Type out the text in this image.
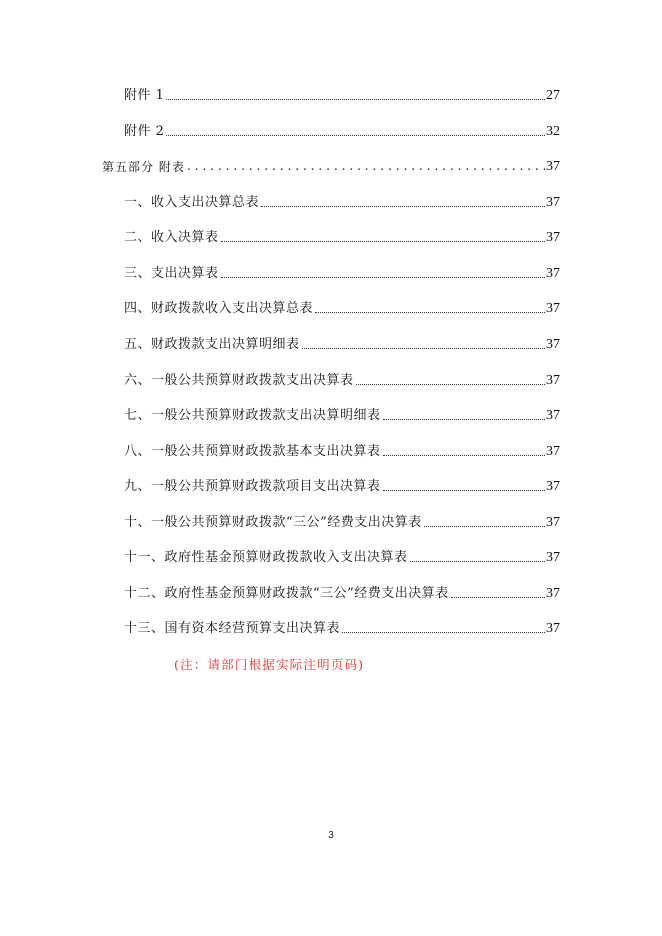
附件 1	27
附件 2	32
第五部分 附表 .....	37
一、收入支出决算总表	37
二、收入决算表	37
三、支出决算表	37
四、财政拨款收入支出决算总表	37
五、财政拨款支出决算明细表	37
六、一般公共预算财政拨款支出决算表	37
七、一般公共预算财政拨款支出决算明细表	37
八、一般公共预算财政拨款基本支出决算表	37
九、一般公共预算财政拨款项目支出决算表	37
十、一般公共预算财政拨款“三公”经费支出决算表	37
十一、政府性基金预算财政拨款收入支出决算表	37
十二、政府性基金预算财政拨款“三公”经费支出决算表	37
十三、国有资本经营预算支出决算表	37
(注：请部门根据实际注明页码)
3
